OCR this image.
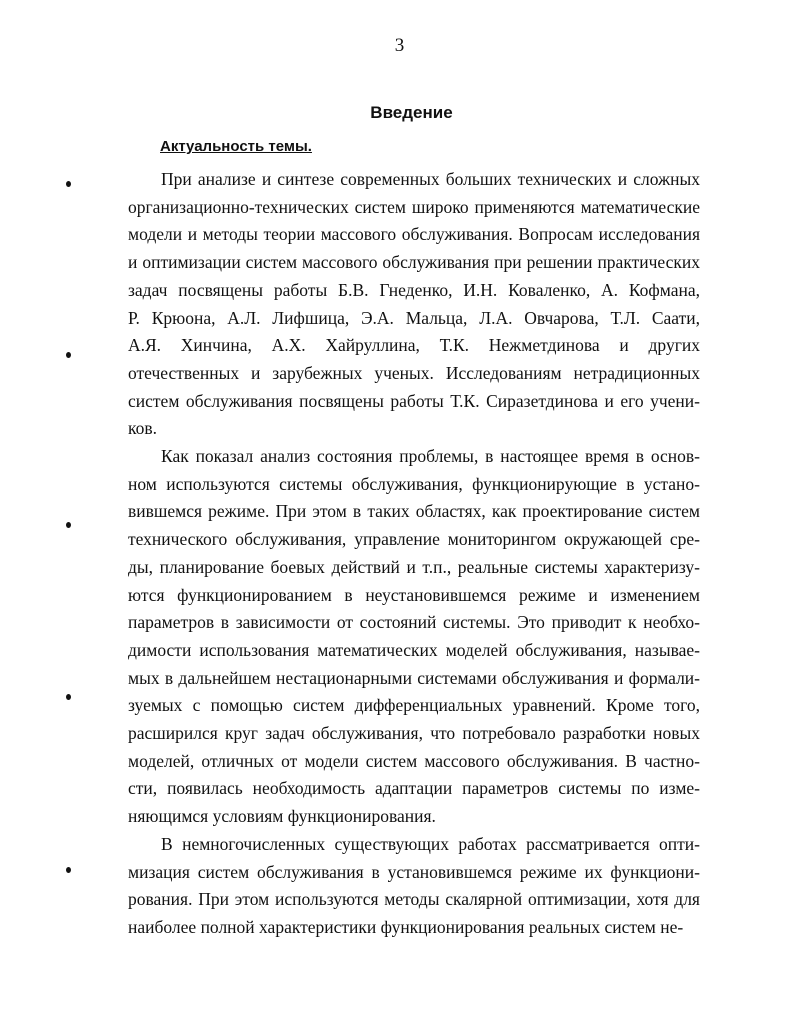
3
Введение
Актуальность темы.

При анализе и синтезе современных больших технических и сложных организационно-технических систем широко применяются математические модели и методы теории массового обслуживания. Вопросам исследования и оптимизации систем массового обслуживания при решении практических задач посвящены работы Б.В. Гнеденко, И.Н. Коваленко, А. Кофмана, Р. Крюона, А.Л. Лифшица, Э.А. Мальца, Л.А. Овчарова, Т.Л. Саати, А.Я. Хинчина, А.Х. Хайруллина, Т.К. Нежметдинова и других отечественных и зарубежных ученых. Исследованиям нетрадиционных систем обслуживания посвящены работы Т.К. Сиразетдинова и его учеников.

Как показал анализ состояния проблемы, в настоящее время в основном используются системы обслуживания, функционирующие в установившемся режиме. При этом в таких областях, как проектирование систем технического обслуживания, управление мониторингом окружающей среды, планирование боевых действий и т.п., реальные системы характеризуются функционированием в неустановившемся режиме и изменением параметров в зависимости от состояний системы. Это приводит к необходимости использования математических моделей обслуживания, называемых в дальнейшем нестационарными системами обслуживания и формализуемых с помощью систем дифференциальных уравнений. Кроме того, расширился круг задач обслуживания, что потребовало разработки новых моделей, отличных от модели систем массового обслуживания. В частности, появилась необходимость адаптации параметров системы по изменяющимся условиям функционирования.

В немногочисленных существующих работах рассматривается оптимизация систем обслуживания в установившемся режиме их функционирования. При этом используются методы скалярной оптимизации, хотя для наиболее полной характеристики функционирования реальных систем не-
